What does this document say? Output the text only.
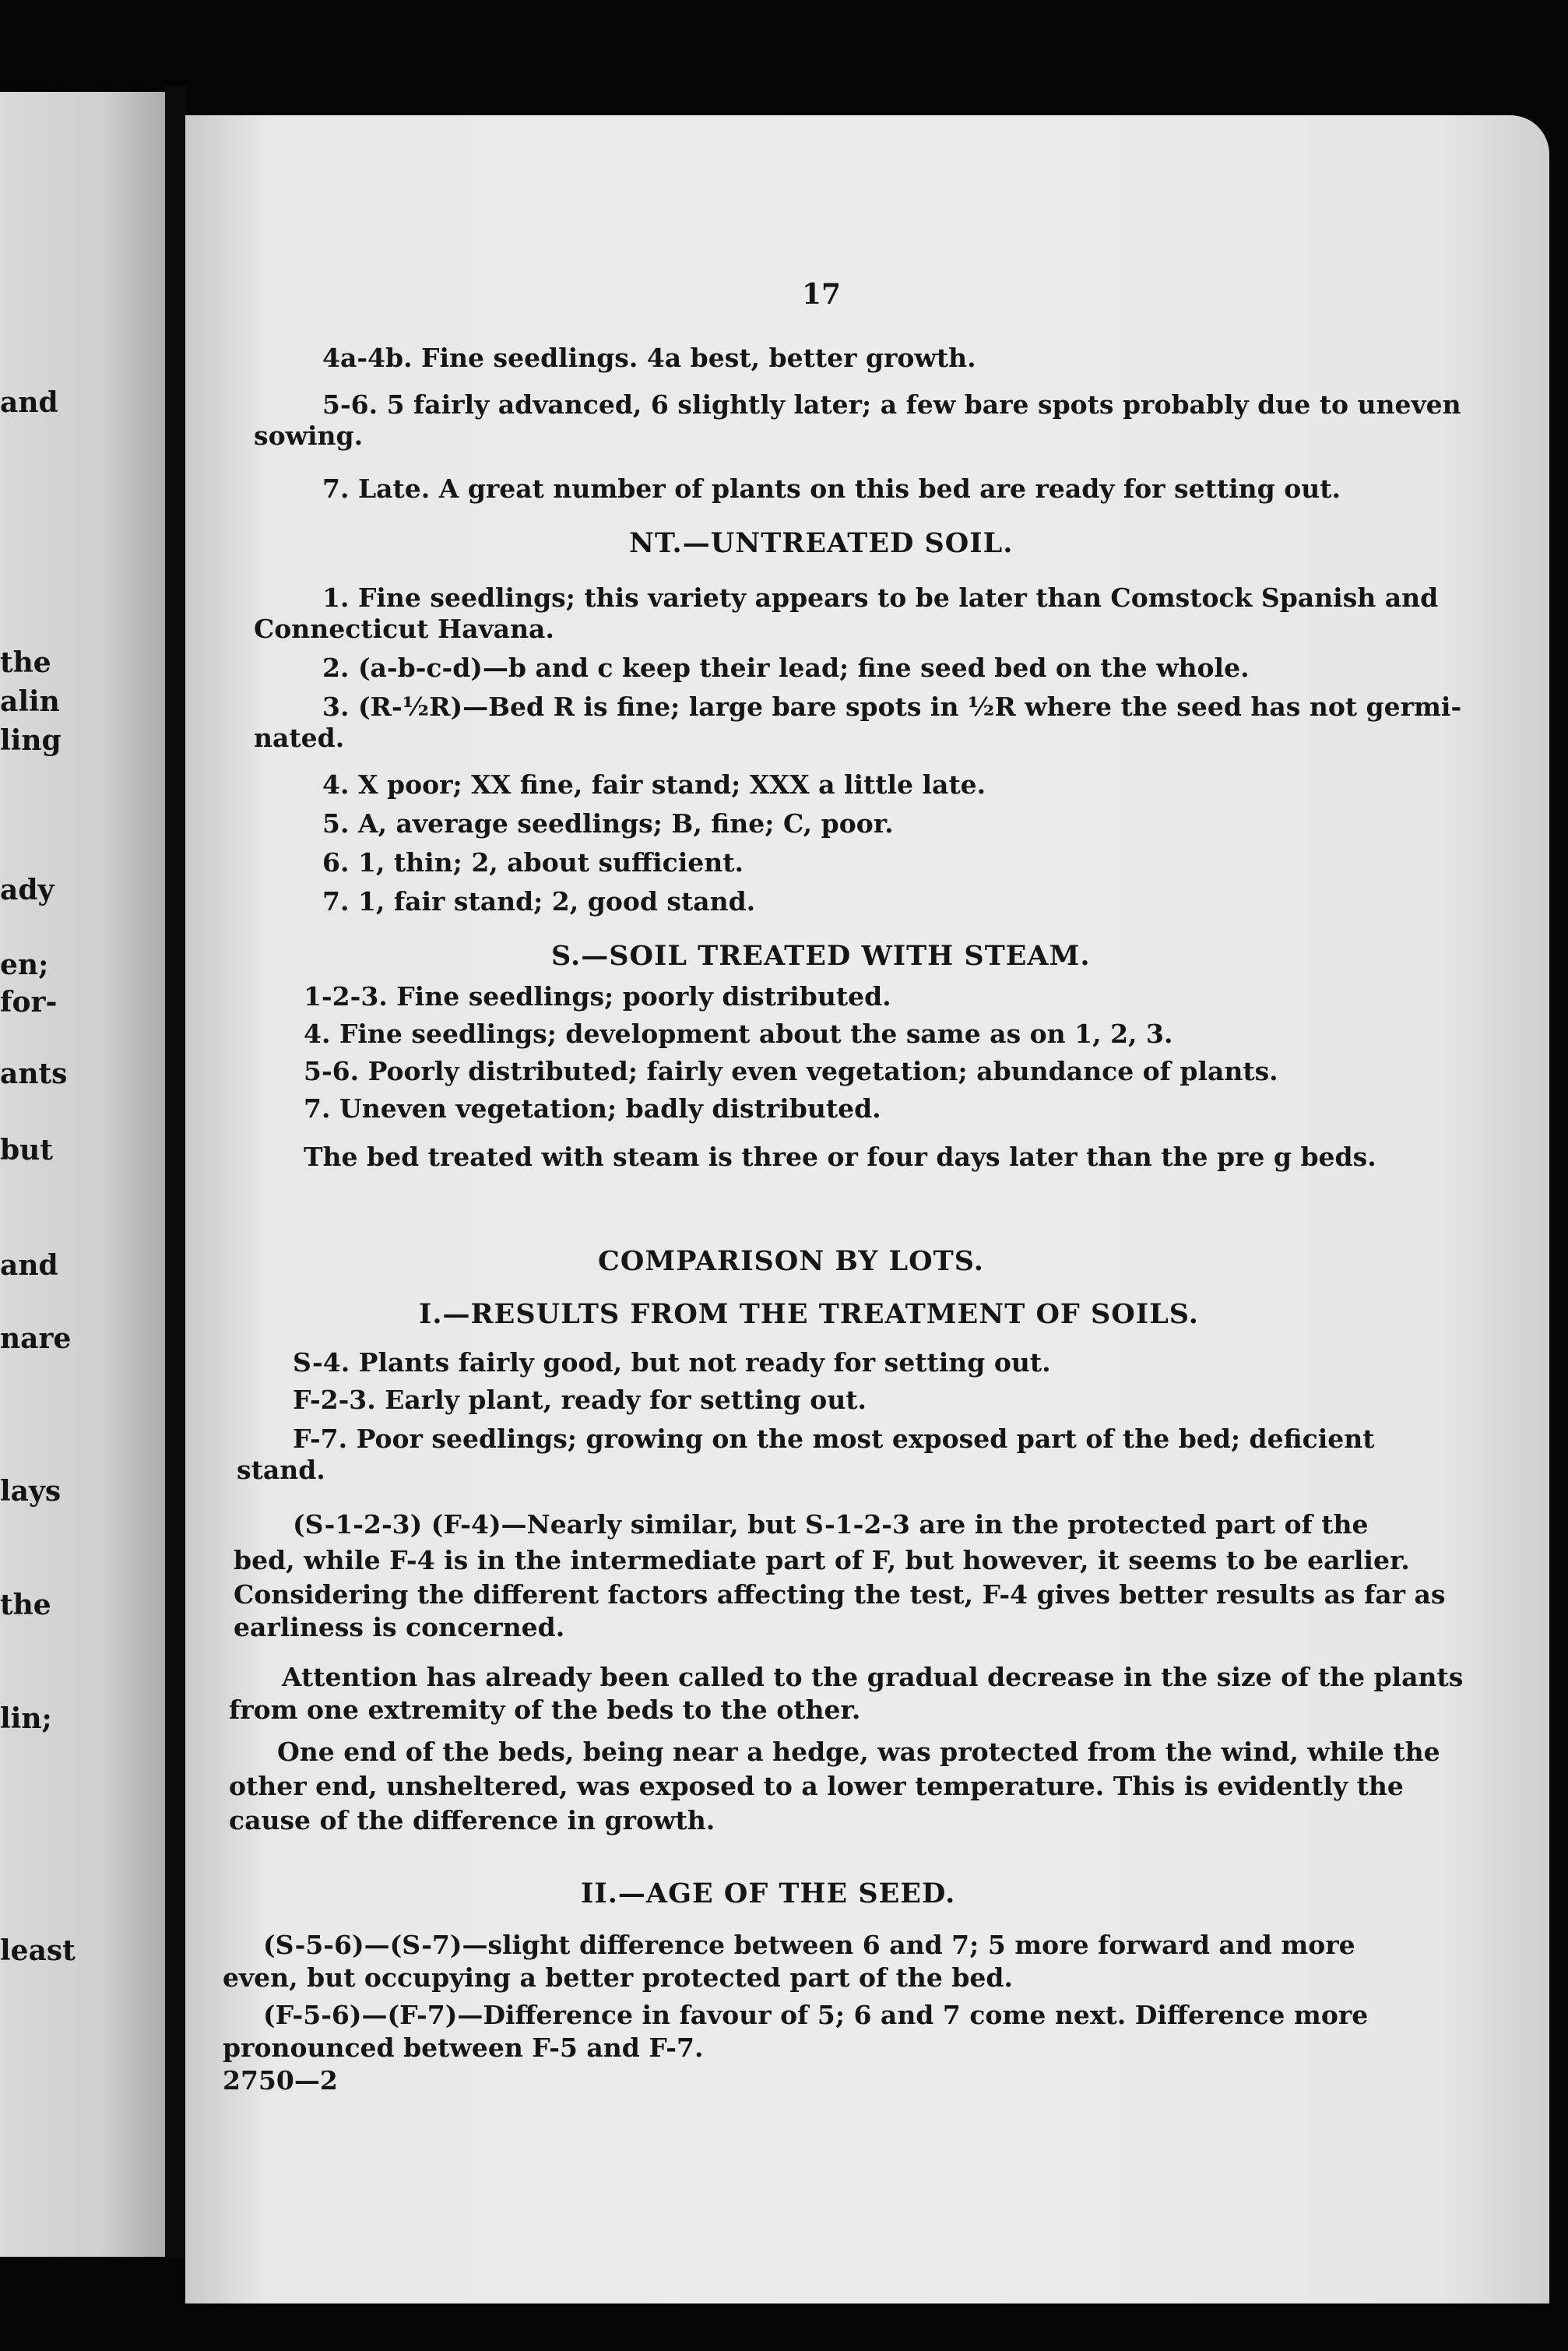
and
the
alin
ling
ady
en;
for-
ants
but
and
nare
lays
the
lin;
least
17
4a-4b. Fine seedlings. 4a best, better growth.
5-6. 5 fairly advanced, 6 slightly later; a few bare spots probably due to uneven
sowing.
7. Late. A great number of plants on this bed are ready for setting out.
NT.—UNTREATED SOIL.
1. Fine seedlings; this variety appears to be later than Comstock Spanish and
Connecticut Havana.
2. (a-b-c-d)—b and c keep their lead; fine seed bed on the whole.
3. (R-½R)—Bed R is fine; large bare spots in ½R where the seed has not germi-
nated.
4. X poor; XX fine, fair stand; XXX a little late.
5. A, average seedlings; B, fine; C, poor.
6. 1, thin; 2, about sufficient.
7. 1, fair stand; 2, good stand.
S.—SOIL TREATED WITH STEAM.
1-2-3. Fine seedlings; poorly distributed.
4. Fine seedlings; development about the same as on 1, 2, 3.
5-6. Poorly distributed; fairly even vegetation; abundance of plants.
7. Uneven vegetation; badly distributed.
The bed treated with steam is three or four days later than the pre g beds.
COMPARISON BY LOTS.
I.—RESULTS FROM THE TREATMENT OF SOILS.
S-4. Plants fairly good, but not ready for setting out.
F-2-3. Early plant, ready for setting out.
F-7. Poor seedlings; growing on the most exposed part of the bed; deficient
stand.
(S-1-2-3) (F-4)—Nearly similar, but S-1-2-3 are in the protected part of the
bed, while F-4 is in the intermediate part of F, but however, it seems to be earlier.
Considering the different factors affecting the test, F-4 gives better results as far as
earliness is concerned.
Attention has already been called to the gradual decrease in the size of the plants
from one extremity of the beds to the other.
One end of the beds, being near a hedge, was protected from the wind, while the
other end, unsheltered, was exposed to a lower temperature. This is evidently the
cause of the difference in growth.
II.—AGE OF THE SEED.
(S-5-6)—(S-7)—slight difference between 6 and 7; 5 more forward and more
even, but occupying a better protected part of the bed.
(F-5-6)—(F-7)—Difference in favour of 5; 6 and 7 come next. Difference more
pronounced between F-5 and F-7.
2750—2
